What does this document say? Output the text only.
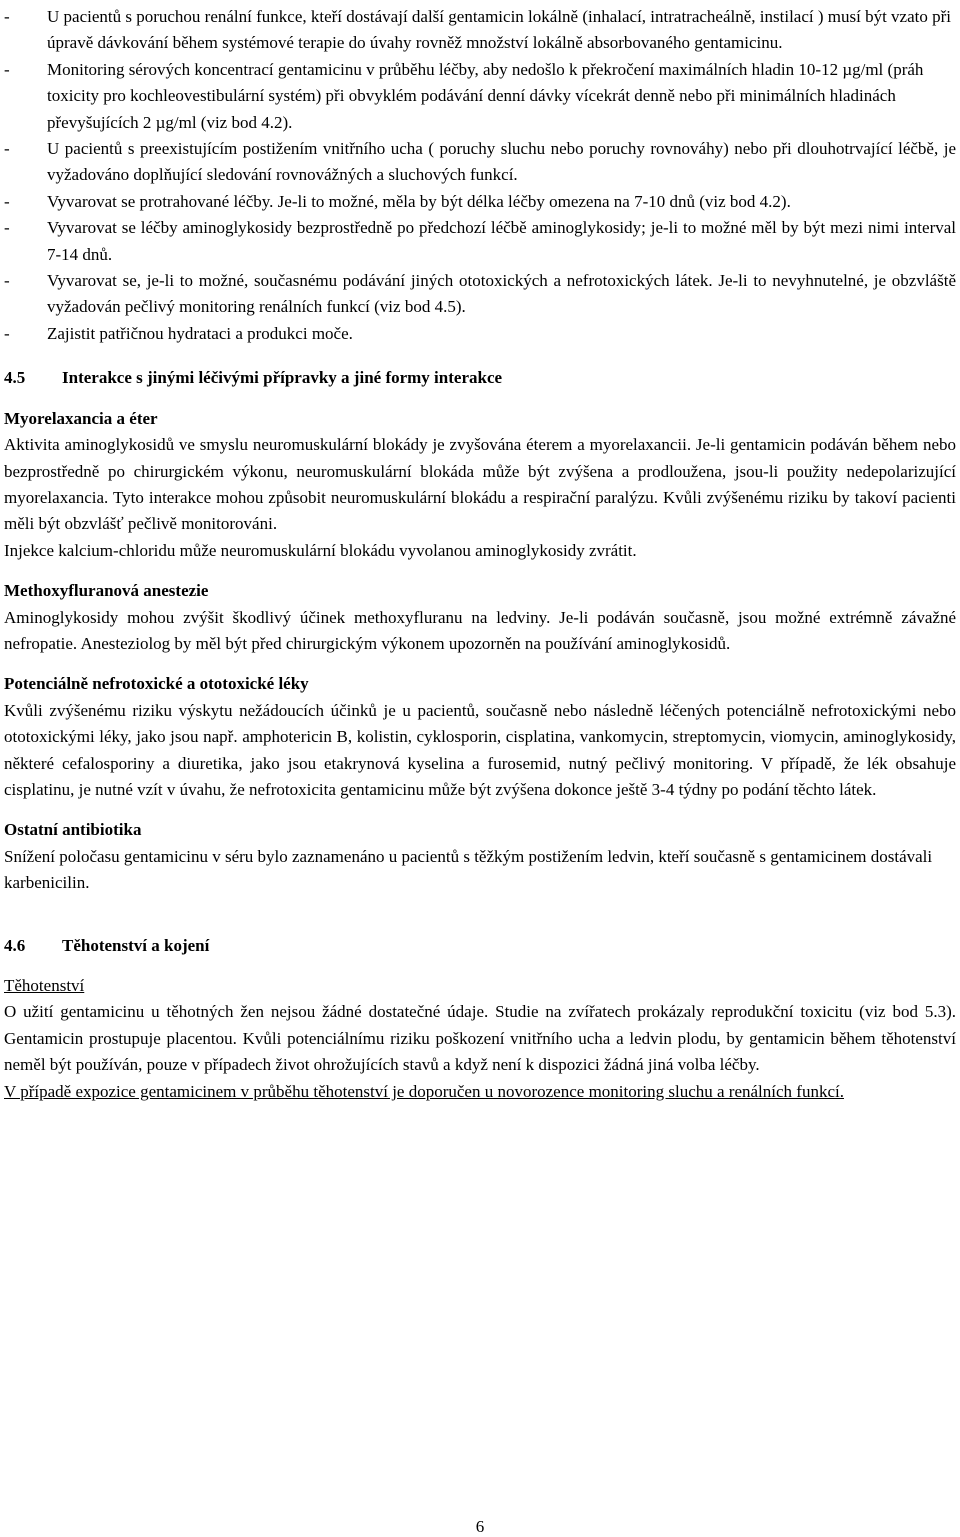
-	U pacientů s poruchou renální funkce, kteří dostávají další gentamicin lokálně (inhalací, intratracheálně, instilací ) musí být vzato při úpravě dávkování během systémové terapie do úvahy rovněž množství lokálně absorbovaného gentamicinu.
-	Monitoring sérových koncentrací gentamicinu v průběhu léčby, aby nedošlo k překročení maximálních hladin 10-12 µg/ml (práh toxicity pro kochleovestibulární systém) při obvyklém podávání denní dávky vícekrát denně nebo při minimálních hladinách převyšujících 2 µg/ml (viz bod 4.2).
-	U pacientů s preexistujícím postižením vnitřního ucha ( poruchy sluchu nebo poruchy rovnováhy) nebo při dlouhotrvající léčbě, je vyžadováno doplňující sledování rovnovážných a sluchových funkcí.
-	Vyvarovat se protrahované léčby. Je-li to možné, měla by být délka léčby omezena na 7-10 dnů (viz bod 4.2).
-	Vyvarovat se léčby aminoglykosidy bezprostředně po předchozí léčbě aminoglykosidy; je-li to možné měl by být mezi nimi interval 7-14 dnů.
-	Vyvarovat se, je-li to možné, současnému podávání jiných ototoxických a nefrotoxických látek. Je-li to nevyhnutelné, je obzvláště vyžadován pečlivý monitoring renálních funkcí (viz bod 4.5).
-	Zajistit patřičnou hydrataci a produkci moče.
4.5	Interakce s jinými léčivými přípravky a jiné formy interakce
Myorelaxancia a éter

Aktivita aminoglykosidů ve smyslu neuromuskulární blokády je zvyšována éterem a myorelaxancii. Je-li gentamicin podáván během nebo bezprostředně po chirurgickém výkonu, neuromuskulární blokáda může být zvýšena a prodloužena, jsou-li použity nedepolarizující myorelaxancia. Tyto interakce mohou způsobit neuromuskulární blokádu a respirační paralýzu. Kvůli zvýšenému riziku by takoví pacienti měli být obzvlášť pečlivě monitorováni.

Injekce kalcium-chloridu může neuromuskulární blokádu vyvolanou aminoglykosidy zvrátit.

Methoxyfluranová anestezie

Aminoglykosidy mohou zvýšit škodlivý účinek methoxyfluranu na ledviny. Je-li podáván současně, jsou možné extrémně závažné nefropatie. Anesteziolog by měl být před chirurgickým výkonem upozorněn na používání aminoglykosidů.

Potenciálně nefrotoxické a ototoxické léky

Kvůli zvýšenému riziku výskytu nežádoucích účinků je u pacientů, současně nebo následně léčených potenciálně nefrotoxickými nebo ototoxickými léky, jako jsou např. amphotericin B, kolistin, cyklosporin, cisplatina, vankomycin, streptomycin, viomycin, aminoglykosidy, některé cefalosporiny a diuretika, jako jsou etakrynová kyselina a furosemid, nutný pečlivý monitoring. V případě, že lék obsahuje cisplatinu, je nutné vzít v úvahu, že nefrotoxicita gentamicinu může být zvýšena dokonce ještě 3-4 týdny po podání těchto látek.

Ostatní antibiotika

Snížení poločasu gentamicinu v séru bylo zaznamenáno u pacientů s těžkým postižením ledvin, kteří současně s gentamicinem dostávali karbenicilin.

4.6	Těhotenství a kojení
Těhotenství

O užití gentamicinu u těhotných žen nejsou žádné dostatečné údaje. Studie na zvířatech prokázaly reprodukční toxicitu (viz bod 5.3). Gentamicin prostupuje placentou. Kvůli potenciálnímu riziku poškození vnitřního ucha a ledvin plodu, by gentamicin během těhotenství neměl být používán, pouze v případech život ohrožujících stavů a když není k dispozici žádná jiná volba léčby.

V případě expozice gentamicinem v průběhu těhotenství je doporučen u novorozence monitoring sluchu a renálních funkcí.

6
